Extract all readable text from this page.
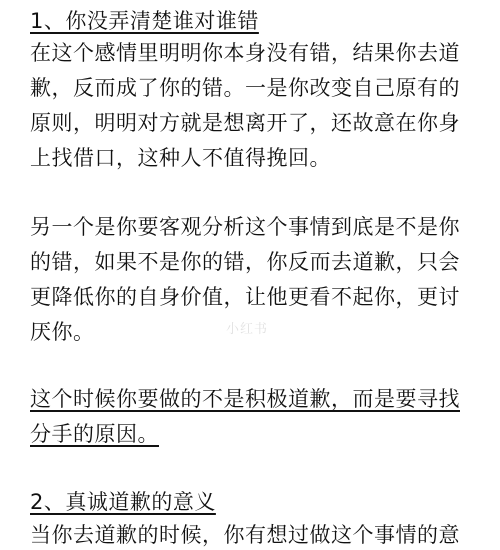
1、你没弄清楚谁对谁错
在这个感情里明明你本身没有错，结果你去道
歉，反而成了你的错。一是你改变自己原有的
原则，明明对方就是想离开了，还故意在你身
上找借口，这种人不值得挽回。
另一个是你要客观分析这个事情到底是不是你
的错，如果不是你的错，你反而去道歉，只会
更降低你的自身价值，让他更看不起你，更讨
厌你。	小红书
这个时候你要做的不是积极道歉，而是要寻找
分手的原因。
2、真诚道歉的意义
当你去道歉的时候，你有想过做这个事情的意
